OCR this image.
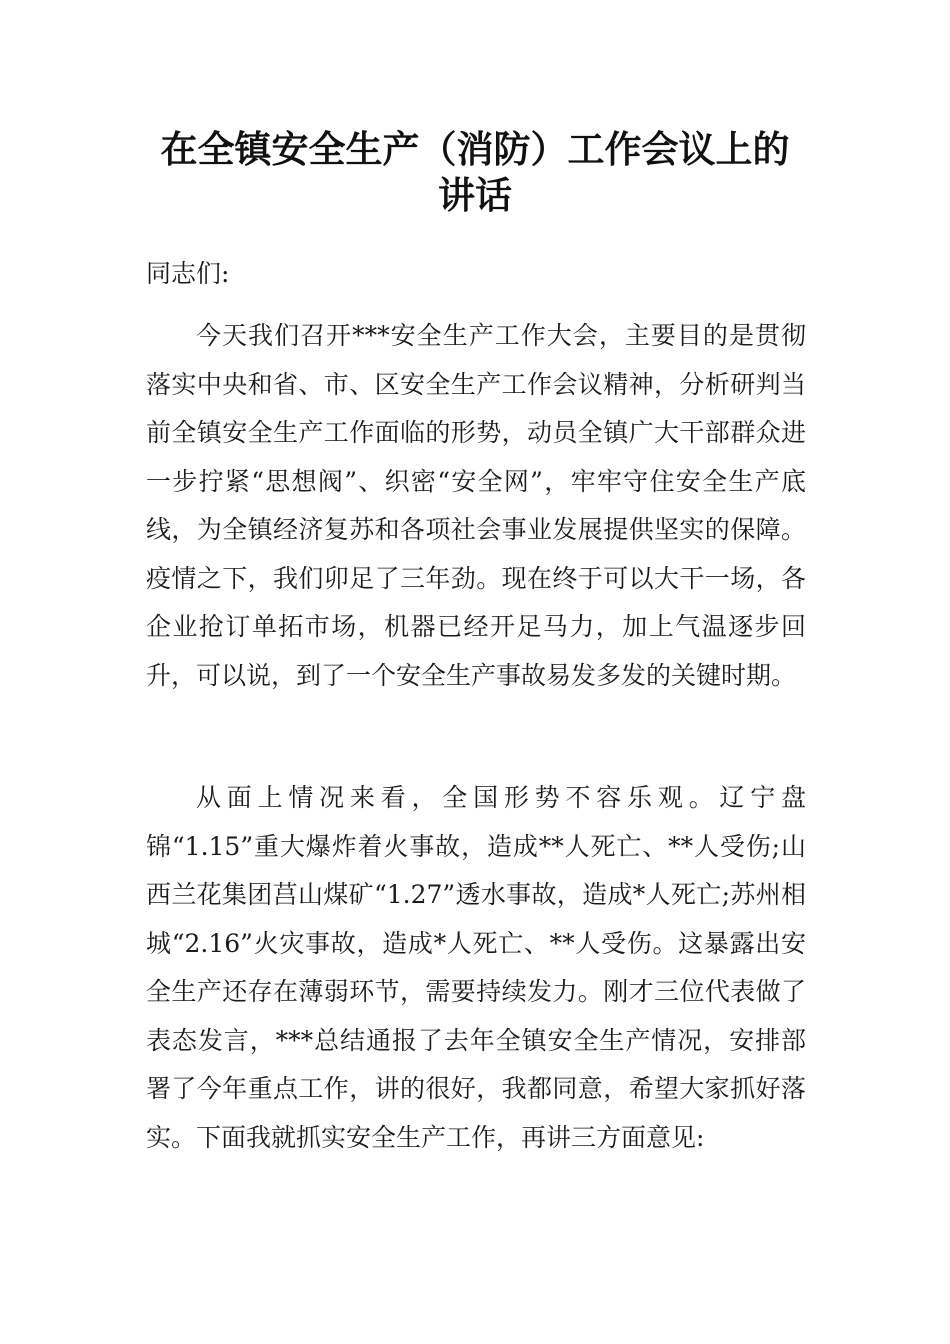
在全镇安全生产（消防）工作会议上的
讲话
同志们:

今天我们召开***安全生产工作大会，主要目的是贯彻落实中央和省、市、区安全生产工作会议精神，分析研判当前全镇安全生产工作面临的形势，动员全镇广大干部群众进一步拧紧“思想阀”、织密“安全网”，牢牢守住安全生产底线，为全镇经济复苏和各项社会事业发展提供坚实的保障。疫情之下，我们卯足了三年劲。现在终于可以大干一场，各企业抢订单拓市场，机器已经开足马力，加上气温逐步回升，可以说，到了一个安全生产事故易发多发的关键时期。

从面上情况来看，全国形势不容乐观。辽宁盘锦“1.15”重大爆炸着火事故，造成**人死亡、**人受伤;山西兰花集团莒山煤矿“1.27”透水事故，造成*人死亡;苏州相城“2.16”火灾事故，造成*人死亡、**人受伤。这暴露出安全生产还存在薄弱环节，需要持续发力。刚才三位代表做了表态发言，***总结通报了去年全镇安全生产情况，安排部署了今年重点工作，讲的很好，我都同意，希望大家抓好落实。下面我就抓实安全生产工作，再讲三方面意见:
